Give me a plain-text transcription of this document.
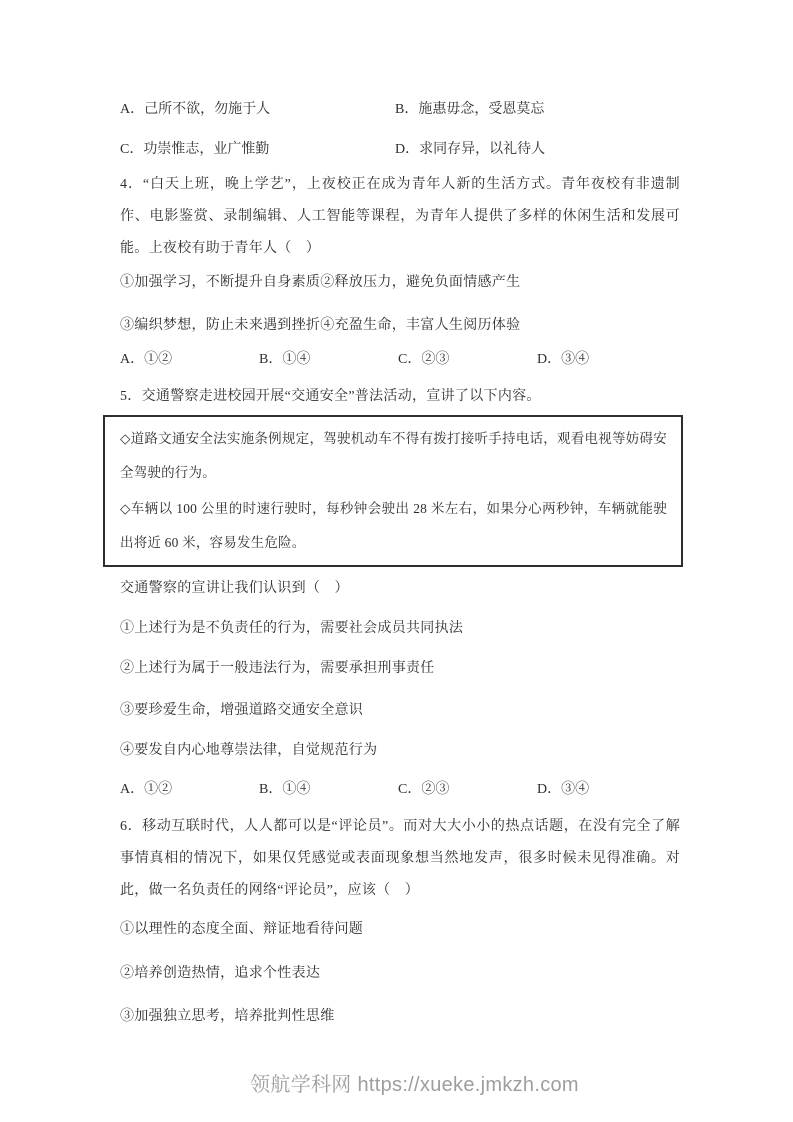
A．己所不欲，勿施于人	B．施惠毋念，受恩莫忘
C．功崇惟志，业广惟勤	D．求同存异，以礼待人

4．“白天上班，晚上学艺”，上夜校正在成为青年人新的生活方式。青年夜校有非遗制作、电影鉴赏、录制编辑、人工智能等课程，为青年人提供了多样的休闲生活和发展可能。上夜校有助于青年人（　）

①加强学习，不断提升自身素质②释放压力，避免负面情感产生

③编织梦想，防止未来遇到挫折④充盈生命，丰富人生阅历体验

A．①②	B．①④	C．②③	D．③④

5．交通警察走进校园开展“交通安全”普法活动，宣讲了以下内容。

◇道路文通安全法实施条例规定，驾驶机动车不得有拨打接听手持电话，观看电视等妨碍安全驾驶的行为。

◇车辆以 100 公里的时速行驶时，每秒钟会驶出 28 米左右，如果分心两秒钟，车辆就能驶出将近 60 米，容易发生危险。

交通警察的宣讲让我们认识到（　）

①上述行为是不负责任的行为，需要社会成员共同执法

②上述行为属于一般违法行为，需要承担刑事责任

③要珍爱生命，增强道路交通安全意识

④要发自内心地尊崇法律，自觉规范行为

A．①②	B．①④	C．②③	D．③④

6．移动互联时代，人人都可以是“评论员”。而对大大小小的热点话题，在没有完全了解事情真相的情况下，如果仅凭感觉或表面现象想当然地发声，很多时候未见得准确。对此，做一名负责任的网络“评论员”，应该（　）

①以理性的态度全面、辩证地看待问题

②培养创造热情，追求个性表达

③加强独立思考，培养批判性思维

领航学科网 https://xueke.jmkzh.com
